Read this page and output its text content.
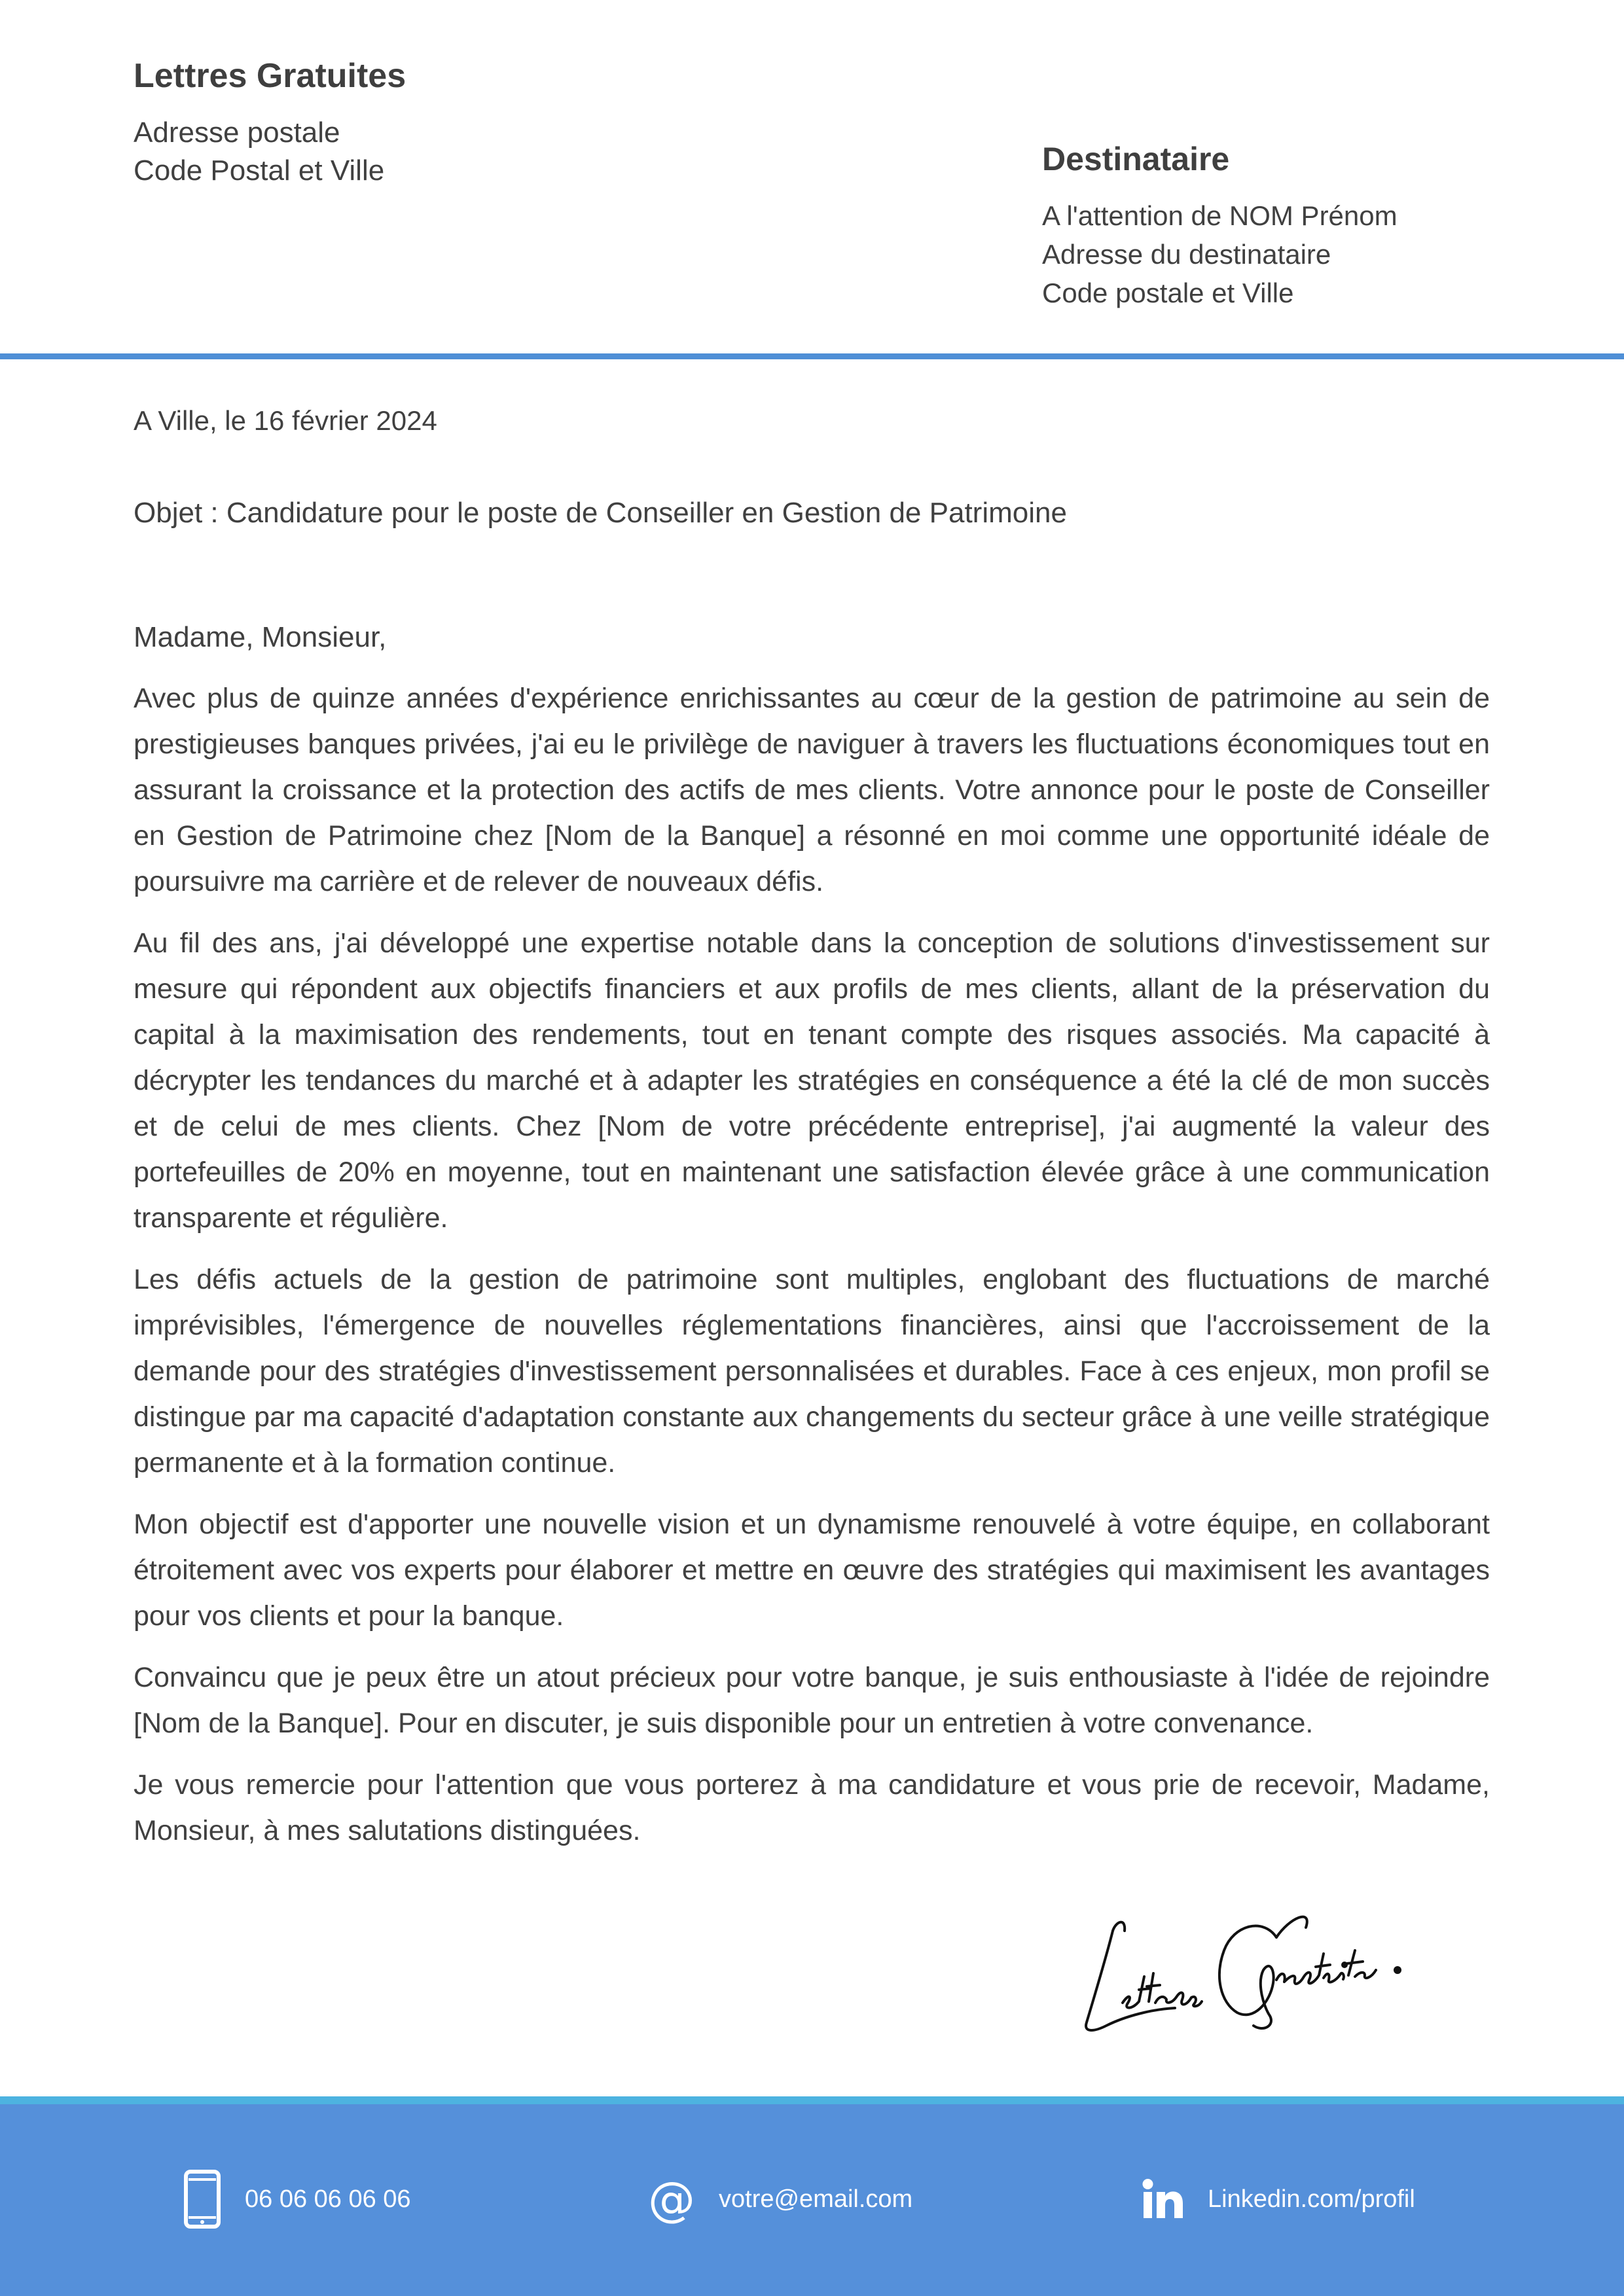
Lettres Gratuites
Adresse postale
Code Postal et Ville	Destinataire
A l'attention de NOM Prénom
Adresse du destinataire
Code postale et Ville
A Ville, le 16 février 2024
Objet : Candidature pour le poste de Conseiller en Gestion de Patrimoine
Madame, Monsieur,

Avec plus de quinze années d'expérience enrichissantes au cœur de la gestion de patrimoine au sein de prestigieuses banques privées, j'ai eu le privilège de naviguer à travers les fluctuations économiques tout en assurant la croissance et la protection des actifs de mes clients. Votre annonce pour le poste de Conseiller en Gestion de Patrimoine chez [Nom de la Banque] a résonné en moi comme une opportunité idéale de poursuivre ma carrière et de relever de nouveaux défis.

Au fil des ans, j'ai développé une expertise notable dans la conception de solutions d'investissement sur mesure qui répondent aux objectifs financiers et aux profils de mes clients, allant de la préservation du capital à la maximisation des rendements, tout en tenant compte des risques associés. Ma capacité à décrypter les tendances du marché et à adapter les stratégies en conséquence a été la clé de mon succès et de celui de mes clients. Chez [Nom de votre précédente entreprise], j'ai augmenté la valeur des portefeuilles de 20% en moyenne, tout en maintenant une satisfaction élevée grâce à une communication transparente et régulière.

Les défis actuels de la gestion de patrimoine sont multiples, englobant des fluctuations de marché imprévisibles, l'émergence de nouvelles réglementations financières, ainsi que l'accroissement de la demande pour des stratégies d'investissement personnalisées et durables. Face à ces enjeux, mon profil se distingue par ma capacité d'adaptation constante aux changements du secteur grâce à une veille stratégique permanente et à la formation continue.

Mon objectif est d'apporter une nouvelle vision et un dynamisme renouvelé à votre équipe, en collaborant étroitement avec vos experts pour élaborer et mettre en œuvre des stratégies qui maximisent les avantages pour vos clients et pour la banque.

Convaincu que je peux être un atout précieux pour votre banque, je suis enthousiaste à l'idée de rejoindre [Nom de la Banque]. Pour en discuter, je suis disponible pour un entretien à votre convenance.

Je vous remercie pour l'attention que vous porterez à ma candidature et vous prie de recevoir, Madame, Monsieur, à mes salutations distinguées.

06 06 06 06 06	@ votre@email.com	Linkedin.com/profil
